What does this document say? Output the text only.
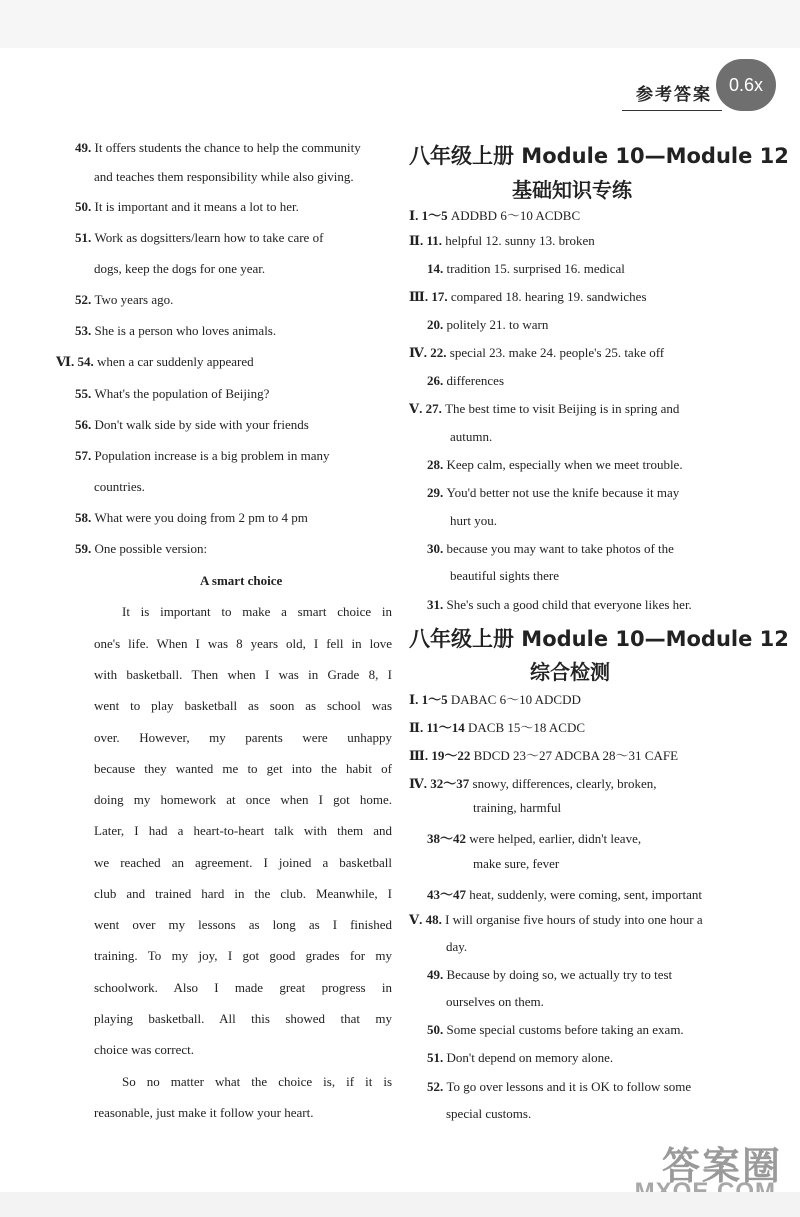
0.6x
参考答案
49. It offers students the chance to help the community
and teaches them responsibility while also giving.
50. It is important and it means a lot to her.
51. Work as dogsitters/learn how to take care of
dogs, keep the dogs for one year.
52. Two years ago.
53. She is a person who loves animals.
Ⅵ. 54. when a car suddenly appeared
55. What's the population of Beijing?
56. Don't walk side by side with your friends
57. Population increase is a big problem in many
countries.
58. What were you doing from 2 pm to 4 pm
59. One possible version:
A smart choice
It is important to make a smart choice in
one's life. When I was 8 years old, I fell in love
with basketball. Then when I was in Grade 8, I
went to play basketball as soon as school was
over. However, my parents were unhappy
because they wanted me to get into the habit of
doing my homework at once when I got home.
Later, I had a heart-to-heart talk with them and
we reached an agreement. I joined a basketball
club and trained hard in the club. Meanwhile, I
went over my lessons as long as I finished
training. To my joy, I got good grades for my
schoolwork. Also I made great progress in
playing basketball. All this showed that my
choice was correct.
So no matter what the choice is, if it is
reasonable, just make it follow your heart.
八年级上册 Module 10—Module 12
基础知识专练
Ⅰ. 1～5 ADDBD 6～10 ACDBC
Ⅱ. 11. helpful 12. sunny 13. broken
14. tradition 15. surprised 16. medical
Ⅲ. 17. compared 18. hearing 19. sandwiches
20. politely 21. to warn
Ⅳ. 22. special 23. make 24. people's 25. take off
26. differences
Ⅴ. 27. The best time to visit Beijing is in spring and
autumn.
28. Keep calm, especially when we meet trouble.
29. You'd better not use the knife because it may
hurt you.
30. because you may want to take photos of the
beautiful sights there
31. She's such a good child that everyone likes her.
八年级上册 Module 10—Module 12
综合检测
Ⅰ. 1～5 DABAC 6～10 ADCDD
Ⅱ. 11～14 DACB 15～18 ACDC
Ⅲ. 19～22 BDCD 23～27 ADCBA 28～31 CAFE
Ⅳ. 32～37 snowy, differences, clearly, broken,
training, harmful
38～42 were helped, earlier, didn't leave,
make sure, fever
43～47 heat, suddenly, were coming, sent, important
Ⅴ. 48. I will organise five hours of study into one hour a
day.
49. Because by doing so, we actually try to test
ourselves on them.
50. Some special customs before taking an exam.
51. Don't depend on memory alone.
52. To go over lessons and it is OK to follow some
special customs.
答案圈
